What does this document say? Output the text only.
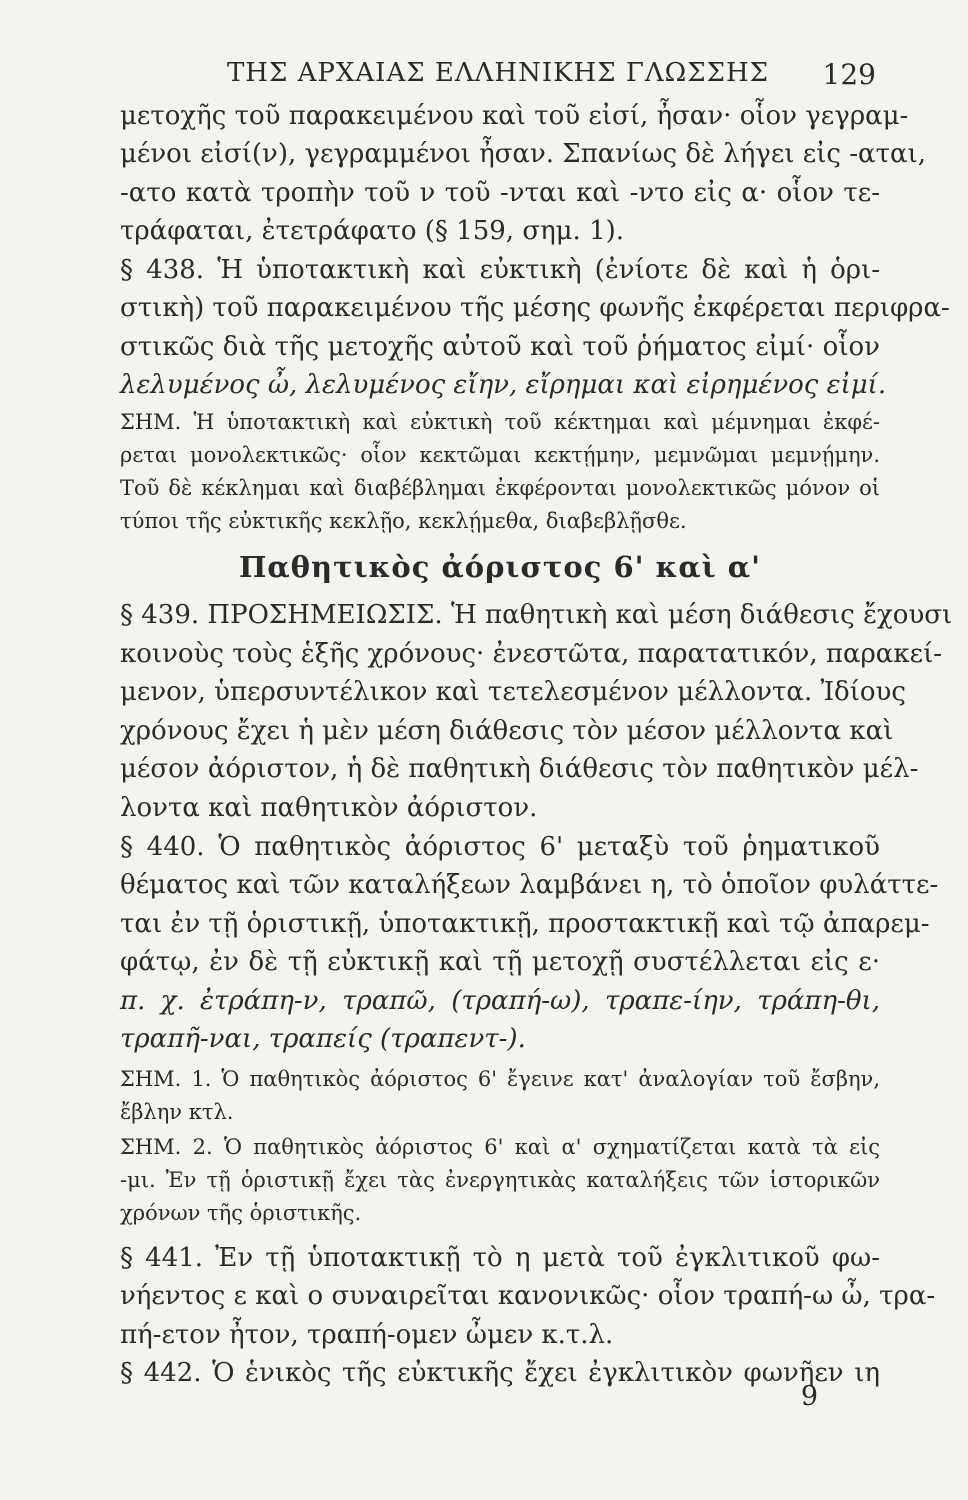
ΤΗΣ ΑΡΧΑΙΑΣ ΕΛΛΗΝΙΚΗΣ ΓΛΩΣΣΗΣ	129
μετοχῆς τοῦ παρακειμένου καὶ τοῦ εἰσί, ἦσαν· οἷον γεγραμ-
μένοι εἰσί(ν), γεγραμμένοι ἦσαν. Σπανίως δὲ λήγει εἰς -αται,
-ατο κατὰ τροπὴν τοῦ ν τοῦ -νται καὶ -ντο εἰς α· οἷον τε-
τράφαται, ἐτετράφατο (§ 159, σημ. 1).
§ 438. Ἡ ὑποτακτικὴ καὶ εὐκτικὴ (ἐνίοτε δὲ καὶ ἡ ὁρι-
στικὴ) τοῦ παρακειμένου τῆς μέσης φωνῆς ἐκφέρεται περιφρα-
στικῶς διὰ τῆς μετοχῆς αὐτοῦ καὶ τοῦ ῥήματος εἰμί· οἷον
λελυμένος ὦ, λελυμένος εἴην, εἴρημαι καὶ εἰρημένος εἰμί.
ΣΗΜ. Ἡ ὑποτακτικὴ καὶ εὐκτικὴ τοῦ κέκτημαι καὶ μέμνημαι ἐκφέ-
ρεται μονολεκτικῶς· οἷον κεκτῶμαι κεκτῄμην, μεμνῶμαι μεμνῄμην.
Τοῦ δὲ κέκλημαι καὶ διαβέβλημαι ἐκφέρονται μονολεκτικῶς μόνον οἱ
τύποι τῆς εὐκτικῆς κεκλῇο, κεκλῄμεθα, διαβεβλῇσθε.
Παθητικὸς ἀόριστος 6' καὶ α'
§ 439. ΠΡΟΣΗΜΕΙΩΣΙΣ. Ἡ παθητικὴ καὶ μέση διάθεσις ἔχουσι
κοινοὺς τοὺς ἑξῆς χρόνους· ἐνεστῶτα, παρατατικόν, παρακεί-
μενον, ὑπερσυντέλικον καὶ τετελεσμένον μέλλοντα. Ἰδίους
χρόνους ἔχει ἡ μὲν μέση διάθεσις τὸν μέσον μέλλοντα καὶ
μέσον ἀόριστον, ἡ δὲ παθητικὴ διάθεσις τὸν παθητικὸν μέλ-
λοντα καὶ παθητικὸν ἀόριστον.
§ 440. Ὁ παθητικὸς ἀόριστος 6' μεταξὺ τοῦ ῥηματικοῦ
θέματος καὶ τῶν καταλήξεων λαμβάνει η, τὸ ὁποῖον φυλάττε-
ται ἐν τῇ ὁριστικῇ, ὑποτακτικῇ, προστακτικῇ καὶ τῷ ἀπαρεμ-
φάτῳ, ἐν δὲ τῇ εὐκτικῇ καὶ τῇ μετοχῇ συστέλλεται εἰς ε·
π. χ. ἐτράπη-ν, τραπῶ, (τραπή-ω), τραπε-ίην, τράπη-θι,
τραπῆ-ναι, τραπείς (τραπεντ-).
ΣΗΜ. 1. Ὁ παθητικὸς ἀόριστος 6' ἔγεινε κατ' ἀναλογίαν τοῦ ἔσβην,
ἔβλην κτλ.
ΣΗΜ. 2. Ὁ παθητικὸς ἀόριστος 6' καὶ α' σχηματίζεται κατὰ τὰ εἰς
-μι. Ἐν τῇ ὁριστικῇ ἔχει τὰς ἐνεργητικὰς καταλήξεις τῶν ἱστορικῶν
χρόνων τῆς ὁριστικῆς.
§ 441. Ἐν τῇ ὑποτακτικῇ τὸ η μετὰ τοῦ ἐγκλιτικοῦ φω-
νήεντος ε καὶ ο συναιρεῖται κανονικῶς· οἷον τραπή-ω ὦ, τρα-
πή-ετον ἦτον, τραπή-ομεν ὦμεν κ.τ.λ.
§ 442. Ὁ ἑνικὸς τῆς εὐκτικῆς ἔχει ἐγκλιτικὸν φωνῆεν ιη
9
